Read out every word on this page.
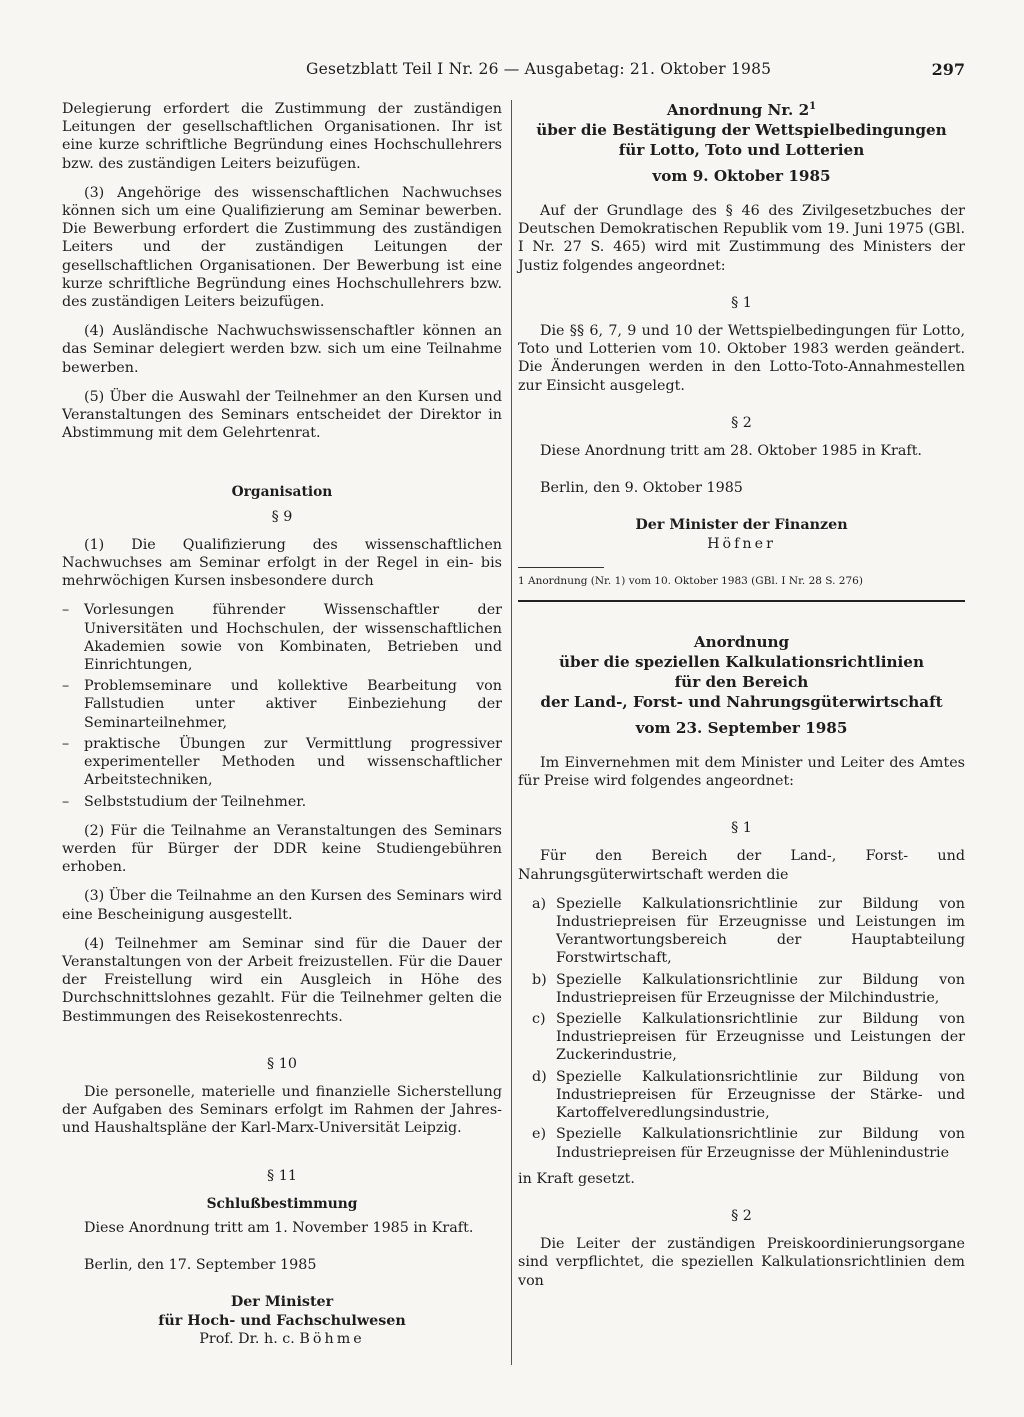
Gesetzblatt Teil I Nr. 26 — Ausgabetag: 21. Oktober 1985	297

Delegierung erfordert die Zustimmung der zuständigen Leitungen der gesellschaftlichen Organisationen. Ihr ist eine kurze schriftliche Begründung eines Hochschullehrers bzw. des zuständigen Leiters beizufügen.

(3) Angehörige des wissenschaftlichen Nachwuchses können sich um eine Qualifizierung am Seminar bewerben. Die Bewerbung erfordert die Zustimmung des zuständigen Leiters und der zuständigen Leitungen der gesellschaftlichen Organisationen. Der Bewerbung ist eine kurze schriftliche Begründung eines Hochschullehrers bzw. des zuständigen Leiters beizufügen.

(4) Ausländische Nachwuchswissenschaftler können an das Seminar delegiert werden bzw. sich um eine Teilnahme bewerben.

(5) Über die Auswahl der Teilnehmer an den Kursen und Veranstaltungen des Seminars entscheidet der Direktor in Abstimmung mit dem Gelehrtenrat.

Organisation
§ 9

(1) Die Qualifizierung des wissenschaftlichen Nachwuchses am Seminar erfolgt in der Regel in ein- bis mehrwöchigen Kursen insbesondere durch

– Vorlesungen führender Wissenschaftler der Universitäten und Hochschulen, der wissenschaftlichen Akademien sowie von Kombinaten, Betrieben und Einrichtungen,
– Problemseminare und kollektive Bearbeitung von Fallstudien unter aktiver Einbeziehung der Seminarteilnehmer,
– praktische Übungen zur Vermittlung progressiver experimenteller Methoden und wissenschaftlicher Arbeitstechniken,
– Selbststudium der Teilnehmer.

(2) Für die Teilnahme an Veranstaltungen des Seminars werden für Bürger der DDR keine Studiengebühren erhoben.

(3) Über die Teilnahme an den Kursen des Seminars wird eine Bescheinigung ausgestellt.

(4) Teilnehmer am Seminar sind für die Dauer der Veranstaltungen von der Arbeit freizustellen. Für die Dauer der Freistellung wird ein Ausgleich in Höhe des Durchschnittslohnes gezahlt. Für die Teilnehmer gelten die Bestimmungen des Reisekostenrechts.

§ 10

Die personelle, materielle und finanzielle Sicherstellung der Aufgaben des Seminars erfolgt im Rahmen der Jahres- und Haushaltspläne der Karl-Marx-Universität Leipzig.

§ 11
Schlußbestimmung

Diese Anordnung tritt am 1. November 1985 in Kraft.

Berlin, den 17. September 1985

Der Minister
für Hoch- und Fachschulwesen
Prof. Dr. h. c. Böhme
Anordnung Nr. $2^1$
über die Bestätigung der Wettspielbedingungen
für Lotto, Toto und Lotterien
vom 9. Oktober 1985

Auf der Grundlage des § 46 des Zivilgesetzbuches der Deutschen Demokratischen Republik vom 19. Juni 1975 (GBl. I Nr. 27 S. 465) wird mit Zustimmung des Ministers der Justiz folgendes angeordnet:

§ 1

Die §§ 6, 7, 9 und 10 der Wettspielbedingungen für Lotto, Toto und Lotterien vom 10. Oktober 1983 werden geändert. Die Änderungen werden in den Lotto-Toto-Annahmestellen zur Einsicht ausgelegt.

§ 2

Diese Anordnung tritt am 28. Oktober 1985 in Kraft.

Berlin, den 9. Oktober 1985

Der Minister der Finanzen
Höfner

1 Anordnung (Nr. 1) vom 10. Oktober 1983 (GBl. I Nr. 28 S. 276)

Anordnung
über die speziellen Kalkulationsrichtlinien
für den Bereich
der Land-, Forst- und Nahrungsgüterwirtschaft
vom 23. September 1985

Im Einvernehmen mit dem Minister und Leiter des Amtes für Preise wird folgendes angeordnet:

§ 1

Für den Bereich der Land-, Forst- und Nahrungsgüterwirtschaft werden die

a) Spezielle Kalkulationsrichtlinie zur Bildung von Industriepreisen für Erzeugnisse und Leistungen im Verantwortungsbereich der Hauptabteilung Forstwirtschaft,
b) Spezielle Kalkulationsrichtlinie zur Bildung von Industriepreisen für Erzeugnisse der Milchindustrie,
c) Spezielle Kalkulationsrichtlinie zur Bildung von Industriepreisen für Erzeugnisse und Leistungen der Zuckerindustrie,
d) Spezielle Kalkulationsrichtlinie zur Bildung von Industriepreisen für Erzeugnisse der Stärke- und Kartoffelveredlungsindustrie,
e) Spezielle Kalkulationsrichtlinie zur Bildung von Industriepreisen für Erzeugnisse der Mühlenindustrie

in Kraft gesetzt.

§ 2

Die Leiter der zuständigen Preiskoordinierungsorgane sind verpflichtet, die speziellen Kalkulationsrichtlinien dem von
